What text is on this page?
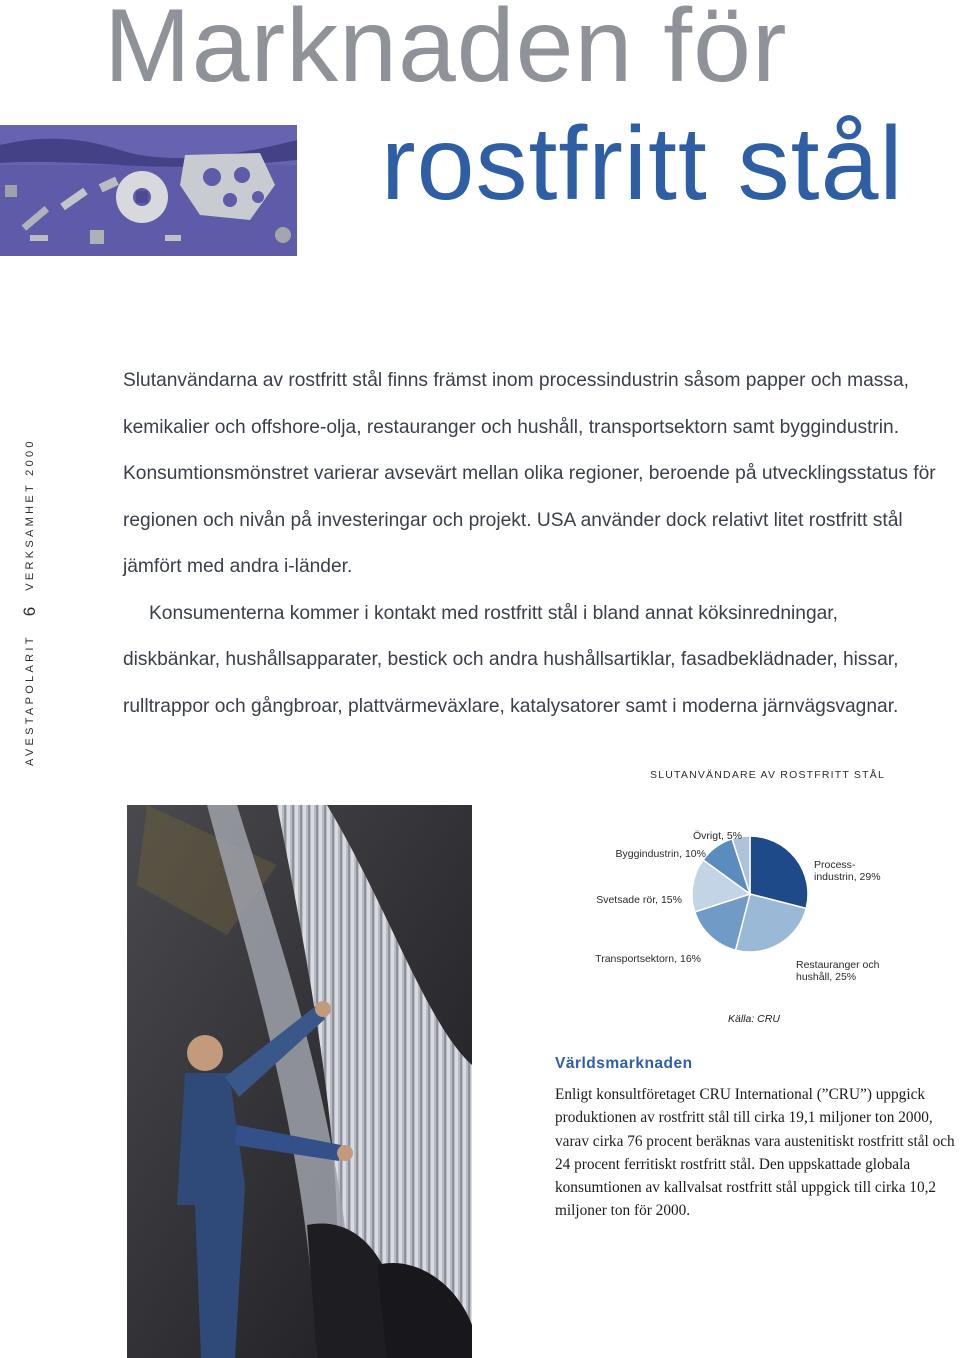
Marknaden för
rostfritt stål
AVESTAPOLARIT
6
VERKSAMHET 2000

Slutanvändarna av rostfritt stål finns främst inom processindustrin såsom papper och massa, kemikalier och offshore-olja, restauranger och hushåll, transportsektorn samt byggindustrin. Konsumtionsmönstret varierar avsevärt mellan olika regioner, beroende på utvecklingsstatus för regionen och nivån på investeringar och projekt. USA använder dock relativt litet rostfritt stål jämfört med andra i-länder.

Konsumenterna kommer i kontakt med rostfritt stål i bland annat köksinredningar, diskbänkar, hushållsapparater, bestick och andra hushållsartiklar, fasadbeklädnader, hissar, rulltrappor och gångbroar, plattvärmeväxlare, katalysatorer samt i moderna järnvägsvagnar.

SLUTANVÄNDARE AV ROSTFRITT STÅL
Process-industrin, 29%
Restauranger och hushåll, 25%
Transportsektorn, 16%
Svetsade rör, 15%
Byggindustrin, 10%
Övrigt, 5%
Källa: CRU
Världsmarknaden

Enligt konsultföretaget CRU International (”CRU”) uppgick produktionen av rostfritt stål till cirka 19,1 miljoner ton 2000, varav cirka 76 procent beräknas vara austenitiskt rostfritt stål och 24 procent ferritiskt rostfritt stål. Den uppskattade globala konsumtionen av kallvalsat rostfritt stål uppgick till cirka 10,2 miljoner ton för 2000.
